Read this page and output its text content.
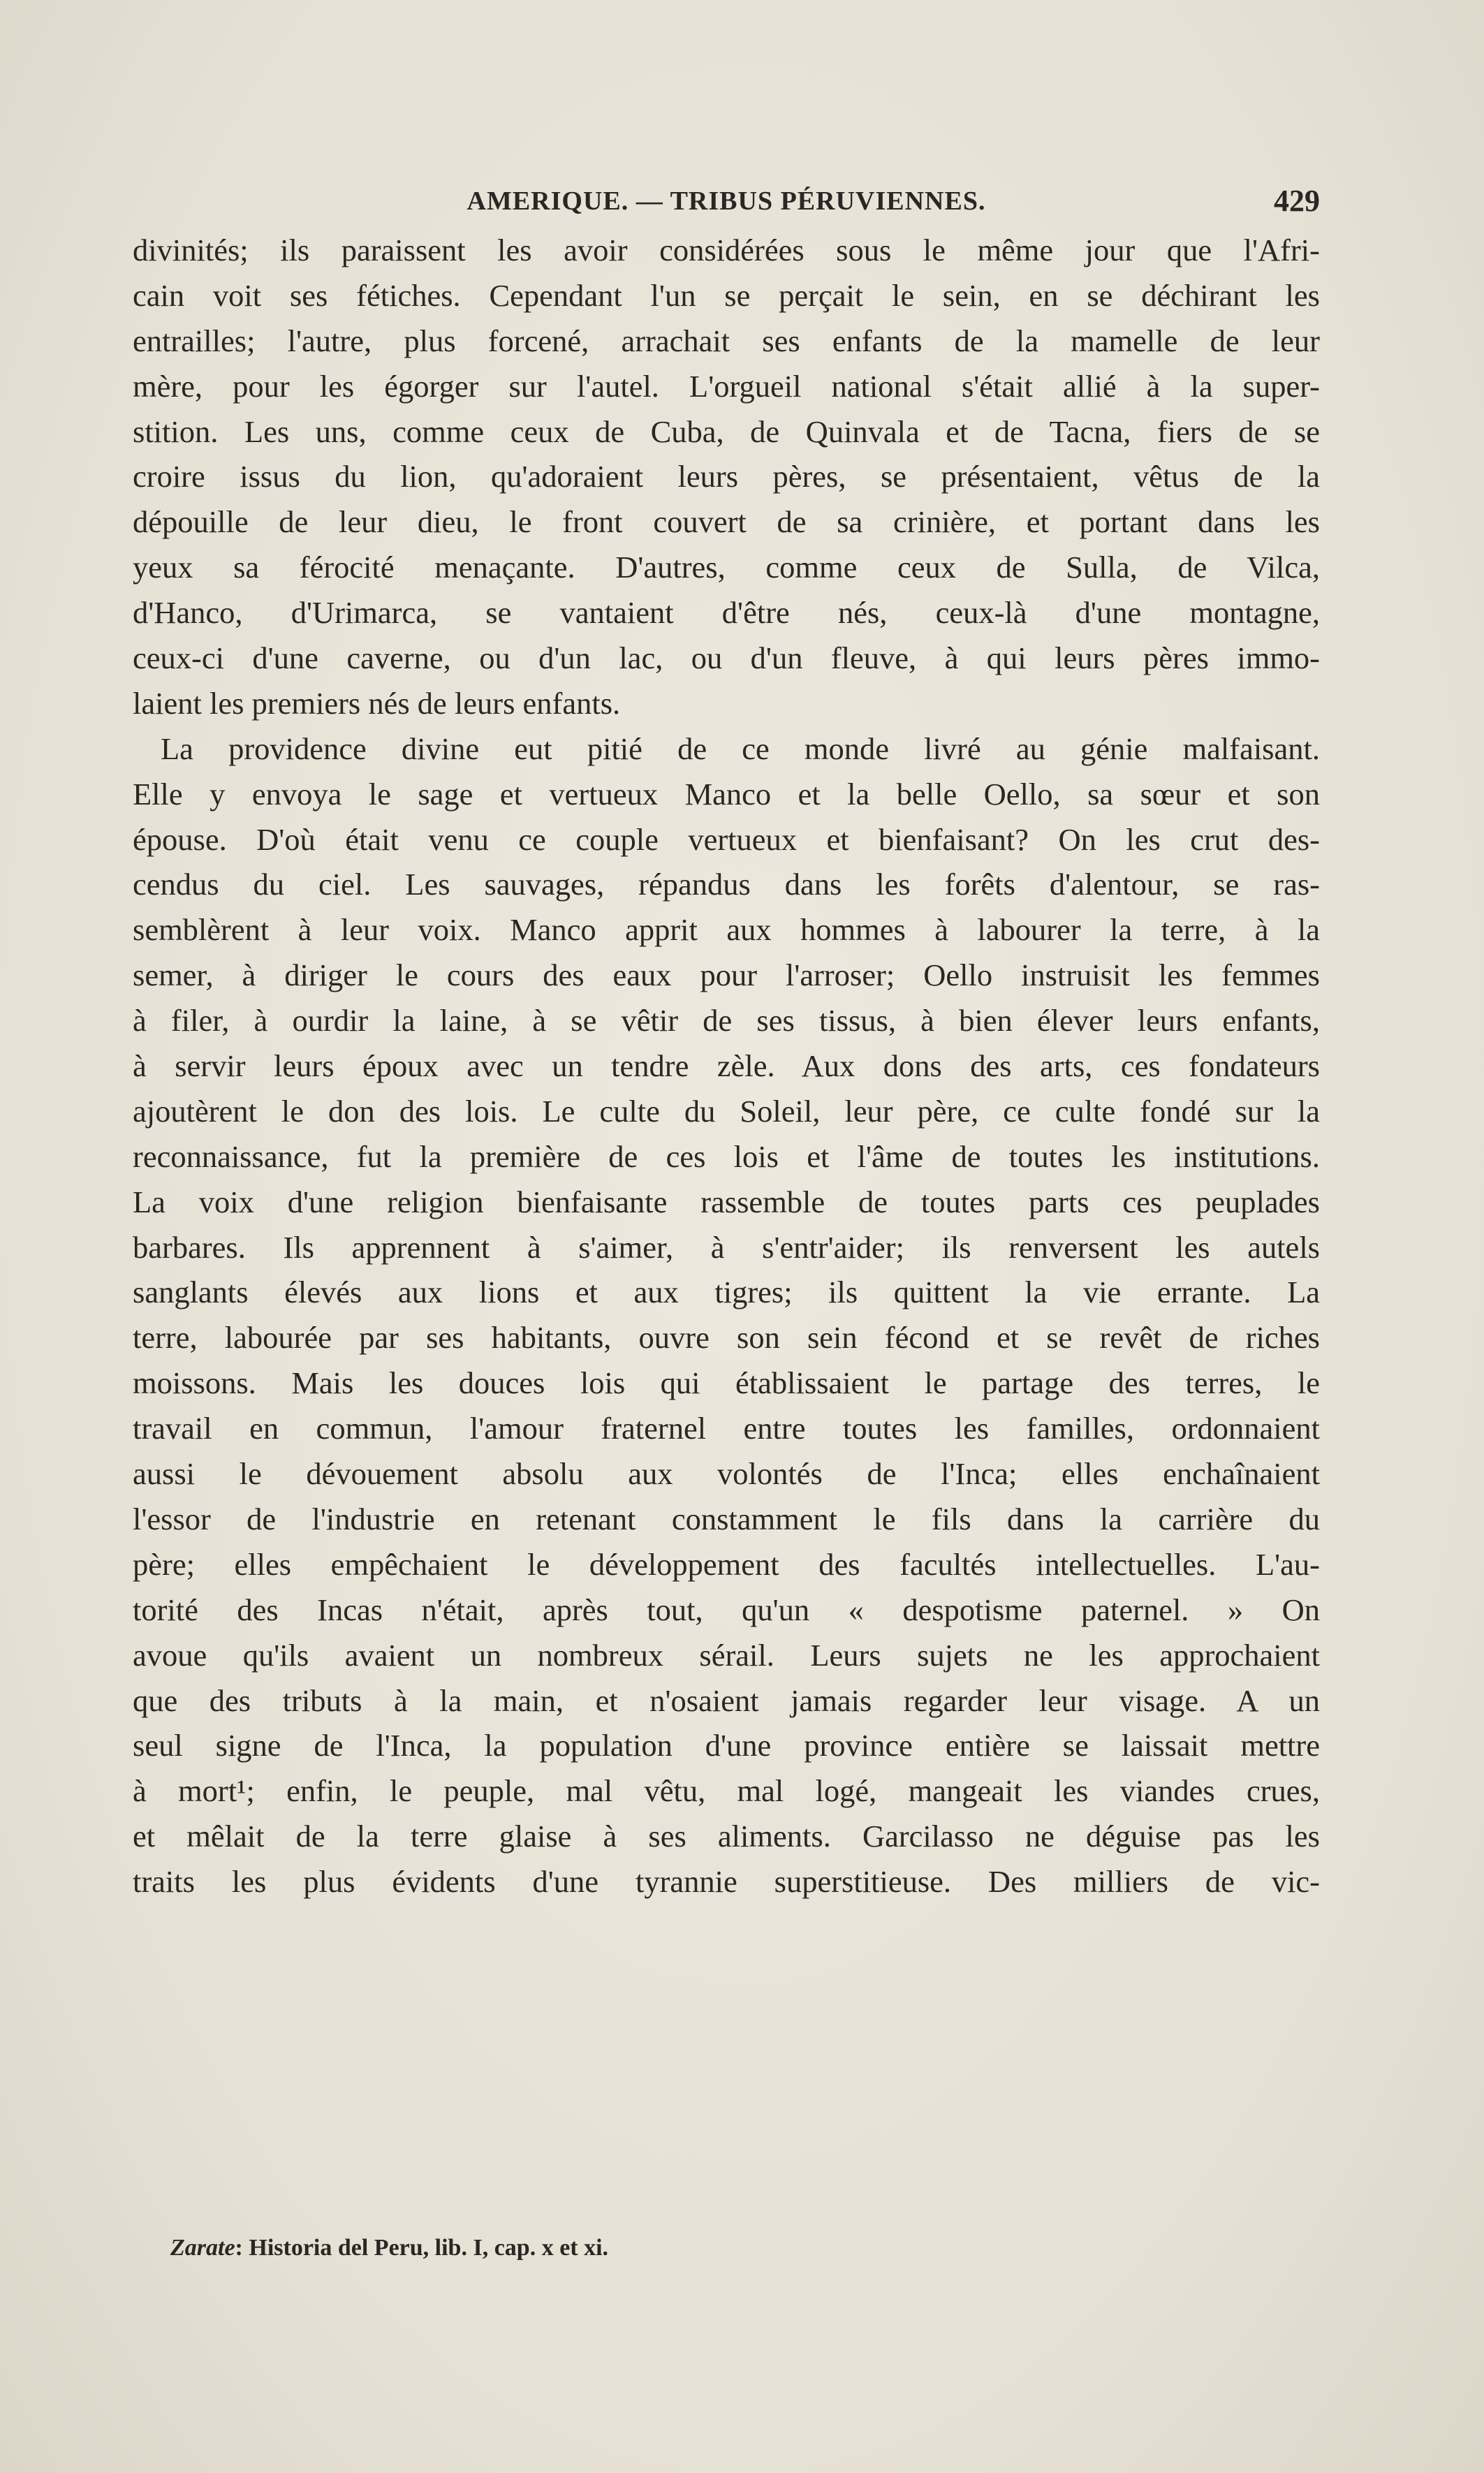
AMERIQUE. — TRIBUS PÉRUVIENNES.	429
divinités; ils paraissent les avoir considérées sous le même jour que l'Afri-
cain voit ses fétiches. Cependant l'un se perçait le sein, en se déchirant les
entrailles; l'autre, plus forcené, arrachait ses enfants de la mamelle de leur
mère, pour les égorger sur l'autel. L'orgueil national s'était allié à la super-
stition. Les uns, comme ceux de Cuba, de Quinvala et de Tacna, fiers de se
croire issus du lion, qu'adoraient leurs pères, se présentaient, vêtus de la
dépouille de leur dieu, le front couvert de sa crinière, et portant dans les
yeux sa férocité menaçante. D'autres, comme ceux de Sulla, de Vilca,
d'Hanco, d'Urimarca, se vantaient d'être nés, ceux-là d'une montagne,
ceux-ci d'une caverne, ou d'un lac, ou d'un fleuve, à qui leurs pères immo-
laient les premiers nés de leurs enfants.
La providence divine eut pitié de ce monde livré au génie malfaisant.
Elle y envoya le sage et vertueux Manco et la belle Oello, sa sœur et son
épouse. D'où était venu ce couple vertueux et bienfaisant? On les crut des-
cendus du ciel. Les sauvages, répandus dans les forêts d'alentour, se ras-
semblèrent à leur voix. Manco apprit aux hommes à labourer la terre, à la
semer, à diriger le cours des eaux pour l'arroser; Oello instruisit les femmes
à filer, à ourdir la laine, à se vêtir de ses tissus, à bien élever leurs enfants,
à servir leurs époux avec un tendre zèle. Aux dons des arts, ces fondateurs
ajoutèrent le don des lois. Le culte du Soleil, leur père, ce culte fondé sur la
reconnaissance, fut la première de ces lois et l'âme de toutes les institutions.
La voix d'une religion bienfaisante rassemble de toutes parts ces peuplades
barbares. Ils apprennent à s'aimer, à s'entr'aider; ils renversent les autels
sanglants élevés aux lions et aux tigres; ils quittent la vie errante. La
terre, labourée par ses habitants, ouvre son sein fécond et se revêt de riches
moissons. Mais les douces lois qui établissaient le partage des terres, le
travail en commun, l'amour fraternel entre toutes les familles, ordonnaient
aussi le dévouement absolu aux volontés de l'Inca; elles enchaînaient
l'essor de l'industrie en retenant constamment le fils dans la carrière du
père; elles empêchaient le développement des facultés intellectuelles. L'au-
torité des Incas n'était, après tout, qu'un « despotisme paternel. » On
avoue qu'ils avaient un nombreux sérail. Leurs sujets ne les approchaient
que des tributs à la main, et n'osaient jamais regarder leur visage. A un
seul signe de l'Inca, la population d'une province entière se laissait mettre
à mort¹; enfin, le peuple, mal vêtu, mal logé, mangeait les viandes crues,
et mêlait de la terre glaise à ses aliments. Garcilasso ne déguise pas les
traits les plus évidents d'une tyrannie superstitieuse. Des milliers de vic-
Zarate: Historia del Peru, lib. I, cap. x et xi.
